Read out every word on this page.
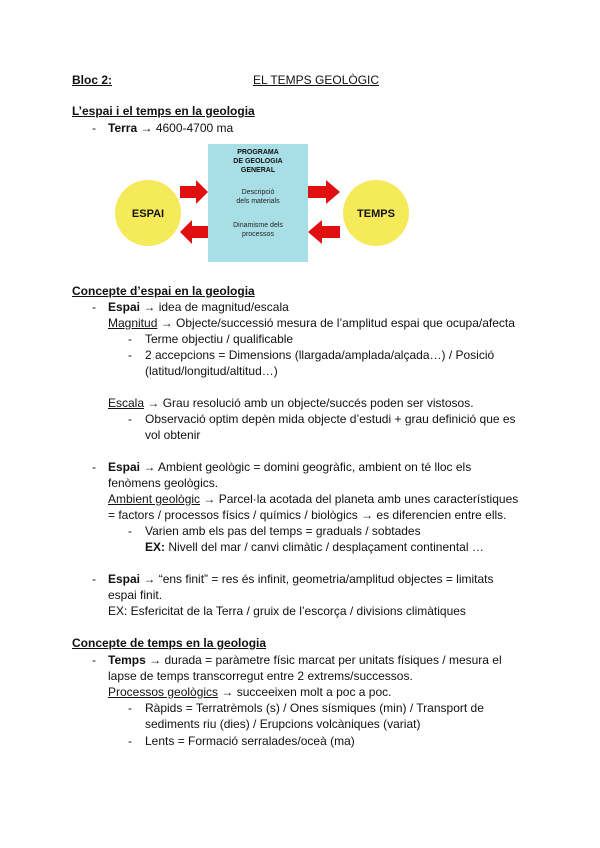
Bloc 2:	EL TEMPS GEOLÒGIC
L’espai i el temps en la geologia
- Terra → 4600-4700 ma
PROGRAMA
DE GEOLOGIA
GENERAL
Descripció
dels materials
Dinamisme dels
processos
ESPAI	TEMPS
Concepte d’espai en la geologia
- Espai → idea de magnitud/escala
Magnitud → Objecte/successió mesura de l’amplitud espai que ocupa/afecta
- Terme objectiu / qualificable
- 2 accepcions = Dimensions (llargada/amplada/alçada…) / Posició
(latitud/longitud/altitud…)
Escala → Grau resolució amb un objecte/succés poden ser vistosos.
- Observació optim depèn mida objecte d’estudi + grau definició que es
vol obtenir
- Espai → Ambient geològic = domini geogràfic, ambient on té lloc els
fenòmens geològics.
Ambient geològic → Parcel·la acotada del planeta amb unes característiques
= factors / processos físics / químics / biològics → es diferencien entre ells.
- Varien amb els pas del temps = graduals / sobtades
EX: Nivell del mar / canvi climàtic / desplaçament continental …
- Espai → “ens finit” = res és infinit, geometria/amplitud objectes = limitats
espai finit.
EX: Esfericitat de la Terra / gruix de l’escorça / divisions climàtiques
Concepte de temps en la geologia
- Temps → durada = paràmetre físic marcat per unitats físiques / mesura el
lapse de temps transcorregut entre 2 extrems/successos.
Processos geològics → succeeixen molt a poc a poc.
- Ràpids = Terratrèmols (s) / Ones sísmiques (min) / Transport de
sediments riu (dies) / Erupcions volcàniques (variat)
- Lents = Formació serralades/oceà (ma)
